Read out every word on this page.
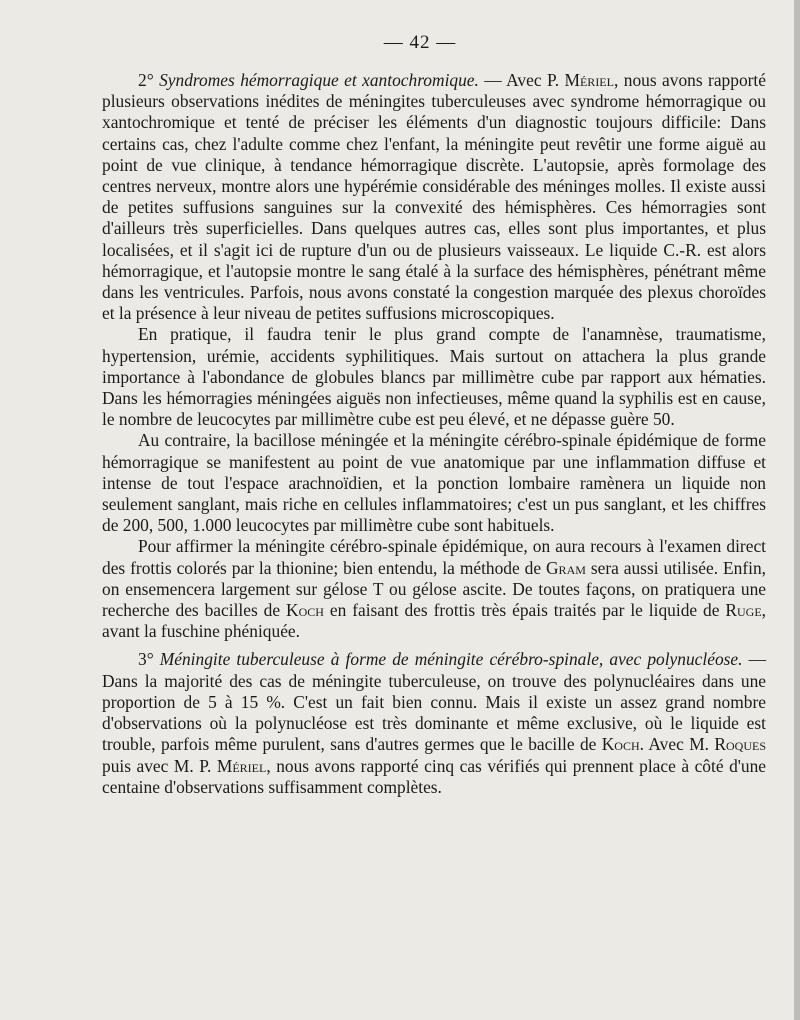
— 42 —

2° Syndromes hémorragique et xantochromique. — Avec P. Mériel, nous avons rapporté plusieurs observations inédites de méningites tuberculeuses avec syndrome hémorragique ou xantochromique et tenté de préciser les éléments d'un diagnostic toujours difficile: Dans certains cas, chez l'adulte comme chez l'enfant, la méningite peut revêtir une forme aiguë au point de vue clinique, à tendance hémorragique discrète. L'autopsie, après formolage des centres nerveux, montre alors une hypérémie considérable des méninges molles. Il existe aussi de petites suffusions sanguines sur la convexité des hémisphères. Ces hémorragies sont d'ailleurs très superficielles. Dans quelques autres cas, elles sont plus importantes, et plus localisées, et il s'agit ici de rupture d'un ou de plusieurs vaisseaux. Le liquide C.-R. est alors hémorragique, et l'autopsie montre le sang étalé à la surface des hémisphères, pénétrant même dans les ventricules. Parfois, nous avons constaté la congestion marquée des plexus choroïdes et la présence à leur niveau de petites suffusions microscopiques.

En pratique, il faudra tenir le plus grand compte de l'anamnèse, traumatisme, hypertension, urémie, accidents syphilitiques. Mais surtout on attachera la plus grande importance à l'abondance de globules blancs par millimètre cube par rapport aux hématies. Dans les hémorragies méningées aiguës non infectieuses, même quand la syphilis est en cause, le nombre de leucocytes par millimètre cube est peu élevé, et ne dépasse guère 50.

Au contraire, la bacillose méningée et la méningite cérébro-spinale épidémique de forme hémorragique se manifestent au point de vue anatomique par une inflammation diffuse et intense de tout l'espace arachnoïdien, et la ponction lombaire ramènera un liquide non seulement sanglant, mais riche en cellules inflammatoires; c'est un pus sanglant, et les chiffres de 200, 500, 1.000 leucocytes par millimètre cube sont habituels.

Pour affirmer la méningite cérébro-spinale épidémique, on aura recours à l'examen direct des frottis colorés par la thionine; bien entendu, la méthode de Gram sera aussi utilisée. Enfin, on ensemencera largement sur gélose T ou gélose ascite. De toutes façons, on pratiquera une recherche des bacilles de Koch en faisant des frottis très épais traités par le liquide de Ruge, avant la fuschine phéniquée.

3° Méningite tuberculeuse à forme de méningite cérébro-spinale, avec polynucléose. — Dans la majorité des cas de méningite tuberculeuse, on trouve des polynucléaires dans une proportion de 5 à 15 %. C'est un fait bien connu. Mais il existe un assez grand nombre d'observations où la polynucléose est très dominante et même exclusive, où le liquide est trouble, parfois même purulent, sans d'autres germes que le bacille de Koch. Avec M. Roques puis avec M. P. Mériel, nous avons rapporté cinq cas vérifiés qui prennent place à côté d'une centaine d'observations suffisamment complètes.
